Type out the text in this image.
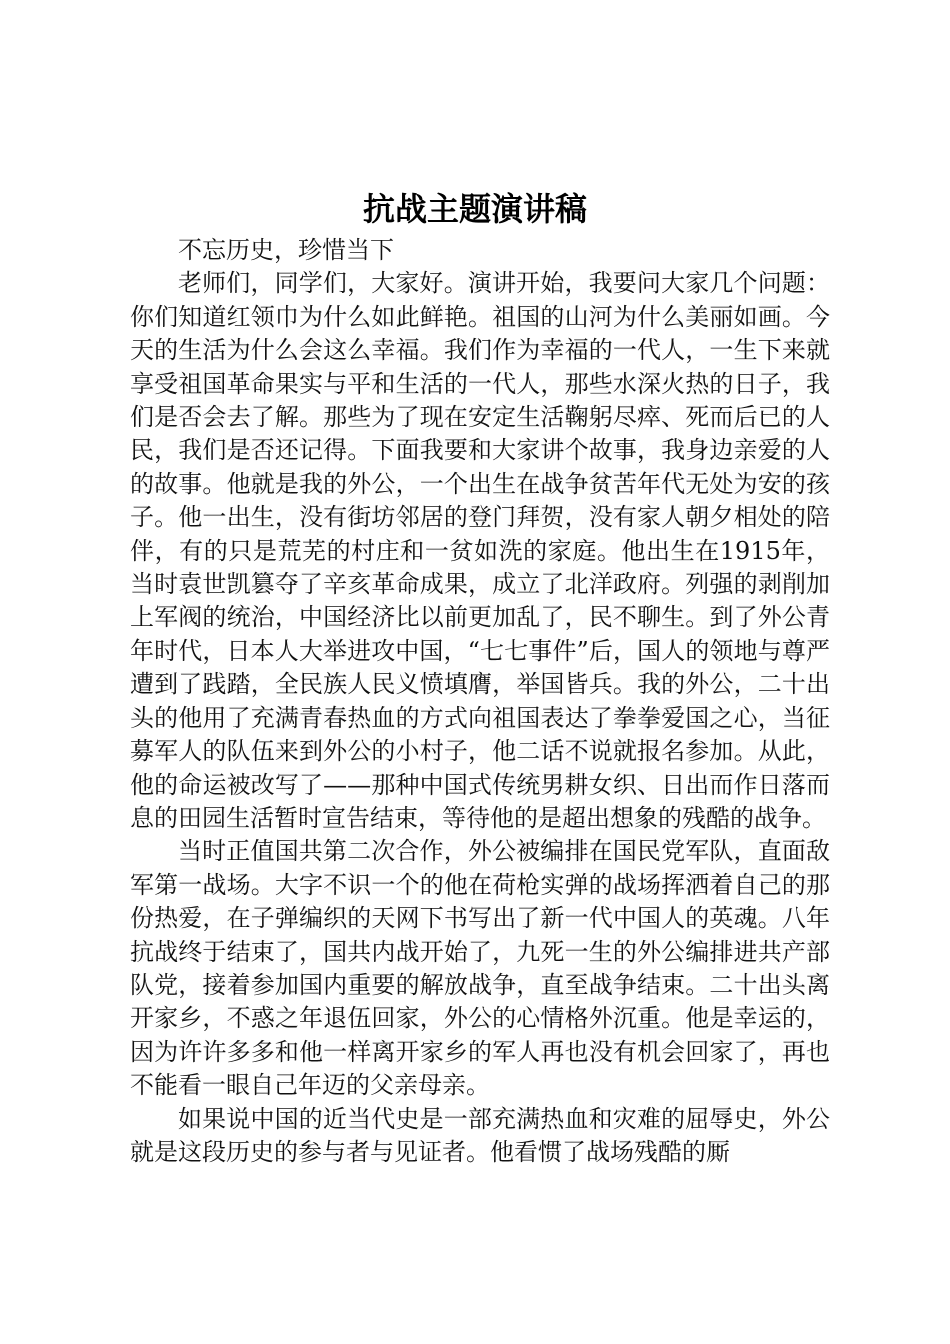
抗战主题演讲稿

不忘历史，珍惜当下

老师们，同学们，大家好。演讲开始，我要问大家几个问题：你们知道红领巾为什么如此鲜艳。祖国的山河为什么美丽如画。今天的生活为什么会这么幸福。我们作为幸福的一代人，一生下来就享受祖国革命果实与平和生活的一代人，那些水深火热的日子，我们是否会去了解。那些为了现在安定生活鞠躬尽瘁、死而后已的人民，我们是否还记得。下面我要和大家讲个故事，我身边亲爱的人的故事。他就是我的外公，一个出生在战争贫苦年代无处为安的孩子。他一出生，没有街坊邻居的登门拜贺，没有家人朝夕相处的陪伴，有的只是荒芜的村庄和一贫如洗的家庭。他出生在1915年，当时袁世凯篡夺了辛亥革命成果，成立了北洋政府。列强的剥削加上军阀的统治，中国经济比以前更加乱了，民不聊生。到了外公青年时代，日本人大举进攻中国，“七七事件”后，国人的领地与尊严遭到了践踏，全民族人民义愤填膺，举国皆兵。我的外公，二十出头的他用了充满青春热血的方式向祖国表达了拳拳爱国之心，当征募军人的队伍来到外公的小村子，他二话不说就报名参加。从此，他的命运被改写了——那种中国式传统男耕女织、日出而作日落而息的田园生活暂时宣告结束，等待他的是超出想象的残酷的战争。

当时正值国共第二次合作，外公被编排在国民党军队，直面敌军第一战场。大字不识一个的他在荷枪实弹的战场挥洒着自己的那份热爱，在子弹编织的天网下书写出了新一代中国人的英魂。八年抗战终于结束了，国共内战开始了，九死一生的外公编排进共产部队党，接着参加国内重要的解放战争，直至战争结束。二十出头离开家乡，不惑之年退伍回家，外公的心情格外沉重。他是幸运的，因为许许多多和他一样离开家乡的军人再也没有机会回家了，再也不能看一眼自己年迈的父亲母亲。

如果说中国的近当代史是一部充满热血和灾难的屈辱史，外公就是这段历史的参与者与见证者。他看惯了战场残酷的厮
